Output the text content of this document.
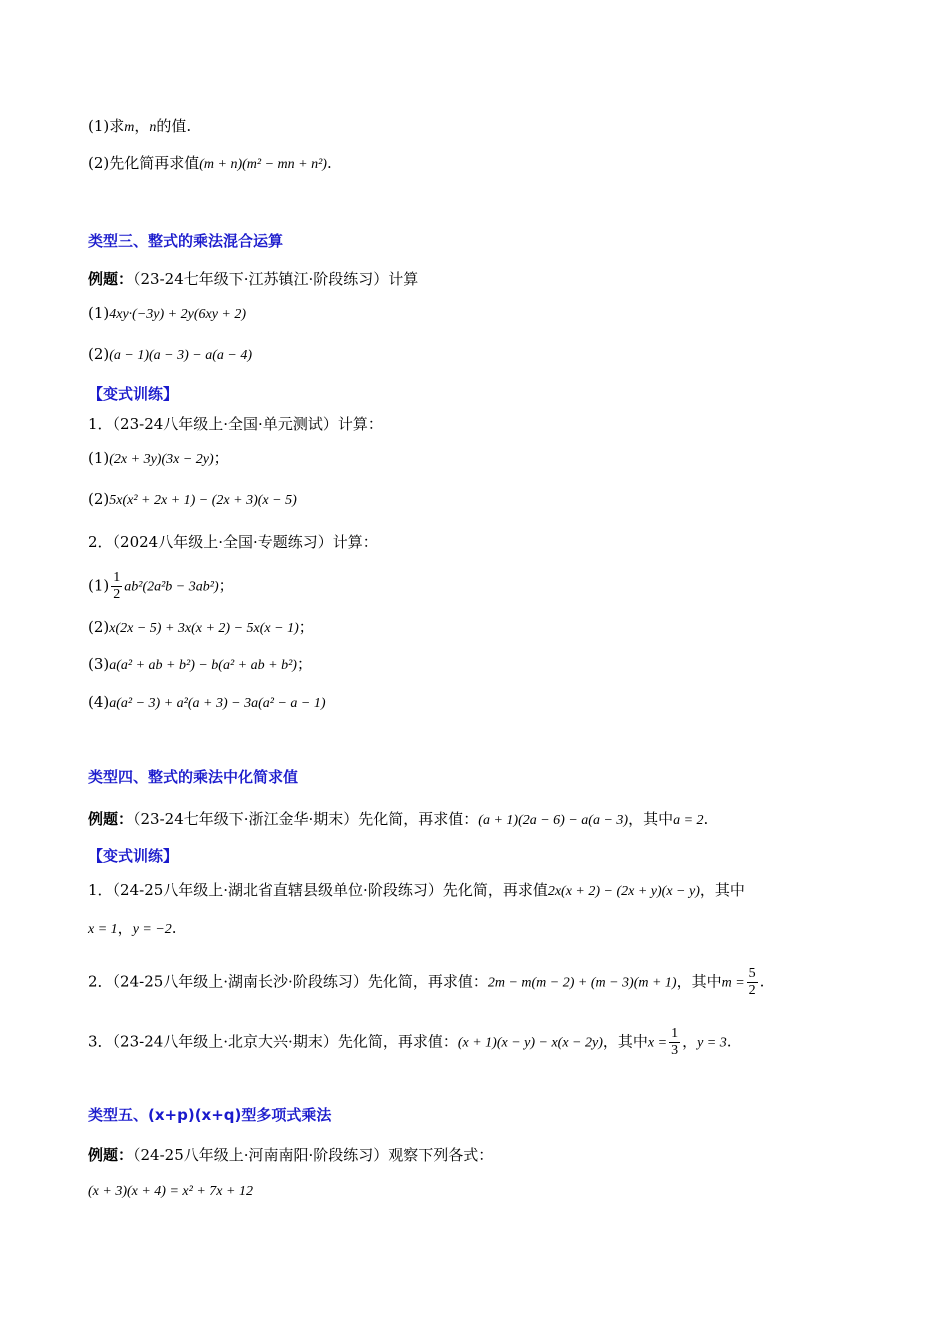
(1)求m，n的值.
(2)先化简再求值(m + n)(m² − mn + n²).
类型三、整式的乘法混合运算
例题：（23-24七年级下·江苏镇江·阶段练习）计算
(1)4xy·(−3y) + 2y(6xy + 2)
(2)(a − 1)(a − 3) − a(a − 4)
【变式训练】
1．（23-24八年级上·全国·单元测试）计算：
(1)(2x + 3y)(3x − 2y)；
(2)5x(x² + 2x + 1) − (2x + 3)(x − 5)
2．（2024八年级上·全国·专题练习）计算：
$(1) \frac{1}{2} ab^2(2a^2b - 3ab^2)$；
(2)x(2x − 5) + 3x(x + 2) − 5x(x − 1)；
(3)a(a² + ab + b²) − b(a² + ab + b²)；
(4)a(a² − 3) + a²(a + 3) − 3a(a² − a − 1)
类型四、整式的乘法中化简求值
例题：（23-24七年级下·浙江金华·期末）先化简，再求值：(a + 1)(2a − 6) − a(a − 3)，其中a = 2.
【变式训练】
1．（24-25八年级上·湖北省直辖县级单位·阶段练习）先化简，再求值2x(x + 2) − (2x + y)(x − y)，其中
x = 1，y = −2.
2．（24-25八年级上·湖南长沙·阶段练习）先化简，再求值：2m − m(m − 2) + (m − 3)(m + 1)，其中$m = \frac{5}{2}$ .
3．（23-24八年级上·北京大兴·期末）先化简，再求值：(x + 1)(x − y) − x(x − 2y)，其中$x = \frac{1}{3}$ ，y = 3.
类型五、(x+p)(x+q)型多项式乘法
例题：（24-25八年级上·河南南阳·阶段练习）观察下列各式：
(x + 3)(x + 4) = x² + 7x + 12
